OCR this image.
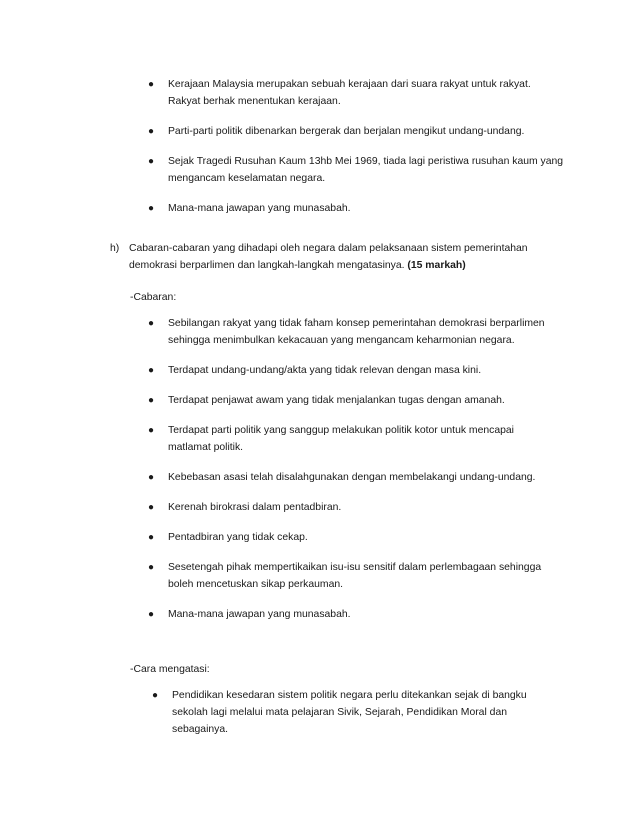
● Kerajaan Malaysia merupakan sebuah kerajaan dari suara rakyat untuk rakyat.
Rakyat berhak menentukan kerajaan.
● Parti-parti politik dibenarkan bergerak dan berjalan mengikut undang-undang.
● Sejak Tragedi Rusuhan Kaum 13hb Mei 1969, tiada lagi peristiwa rusuhan kaum yang
mengancam keselamatan negara.
● Mana-mana jawapan yang munasabah.
h) Cabaran-cabaran yang dihadapi oleh negara dalam pelaksanaan sistem pemerintahan
demokrasi berparlimen dan langkah-langkah mengatasinya. (15 markah)
-Cabaran:
● Sebilangan rakyat yang tidak faham konsep pemerintahan demokrasi berparlimen
sehingga menimbulkan kekacauan yang mengancam keharmonian negara.
● Terdapat undang-undang/akta yang tidak relevan dengan masa kini.
● Terdapat penjawat awam yang tidak menjalankan tugas dengan amanah.
● Terdapat parti politik yang sanggup melakukan politik kotor untuk mencapai
matlamat politik.
● Kebebasan asasi telah disalahgunakan dengan membelakangi undang-undang.
● Kerenah birokrasi dalam pentadbiran.
● Pentadbiran yang tidak cekap.
● Sesetengah pihak mempertikaikan isu-isu sensitif dalam perlembagaan sehingga
boleh mencetuskan sikap perkauman.
● Mana-mana jawapan yang munasabah.
-Cara mengatasi:
● Pendidikan kesedaran sistem politik negara perlu ditekankan sejak di bangku
sekolah lagi melalui mata pelajaran Sivik, Sejarah, Pendidikan Moral dan
sebagainya.
